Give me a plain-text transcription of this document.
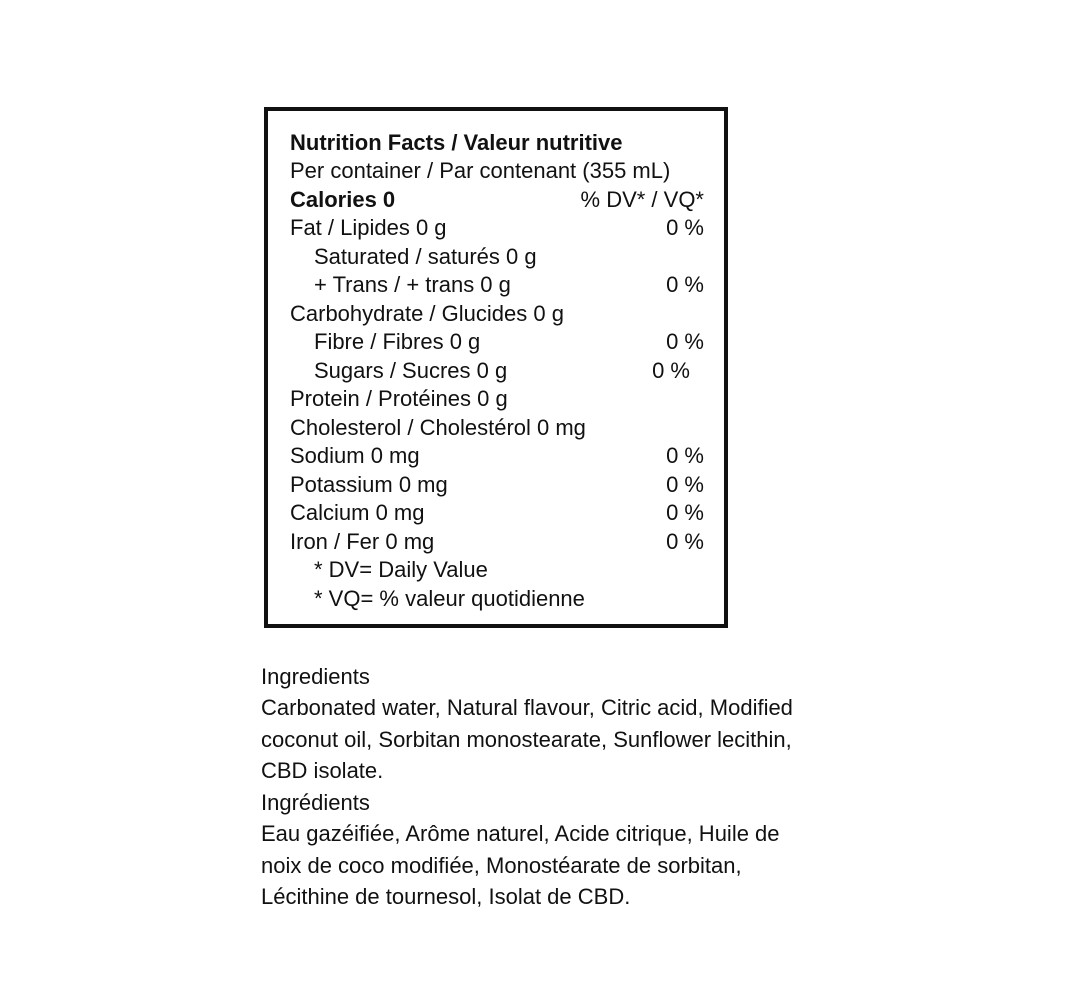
Nutrition Facts / Valeur nutritive
Per container / Par contenant (355 mL)
Calories 0	% DV* / VQ*
Fat / Lipides 0 g	0 %
Saturated / saturés 0 g
+ Trans / + trans 0 g	0 %
Carbohydrate / Glucides 0 g
Fibre / Fibres 0 g	0 %
Sugars / Sucres 0 g	0 %
Protein / Protéines 0 g
Cholesterol / Cholestérol 0 mg
Sodium 0 mg	0 %
Potassium 0 mg	0 %
Calcium 0 mg	0 %
Iron / Fer 0 mg	0 %
* DV= Daily Value
* VQ= % valeur quotidienne
Ingredients
Carbonated water, Natural flavour, Citric acid, Modified
coconut oil, Sorbitan monostearate, Sunflower lecithin,
CBD isolate.
Ingrédients
Eau gazéifiée, Arôme naturel, Acide citrique, Huile de
noix de coco modifiée, Monostéarate de sorbitan,
Lécithine de tournesol, Isolat de CBD.
